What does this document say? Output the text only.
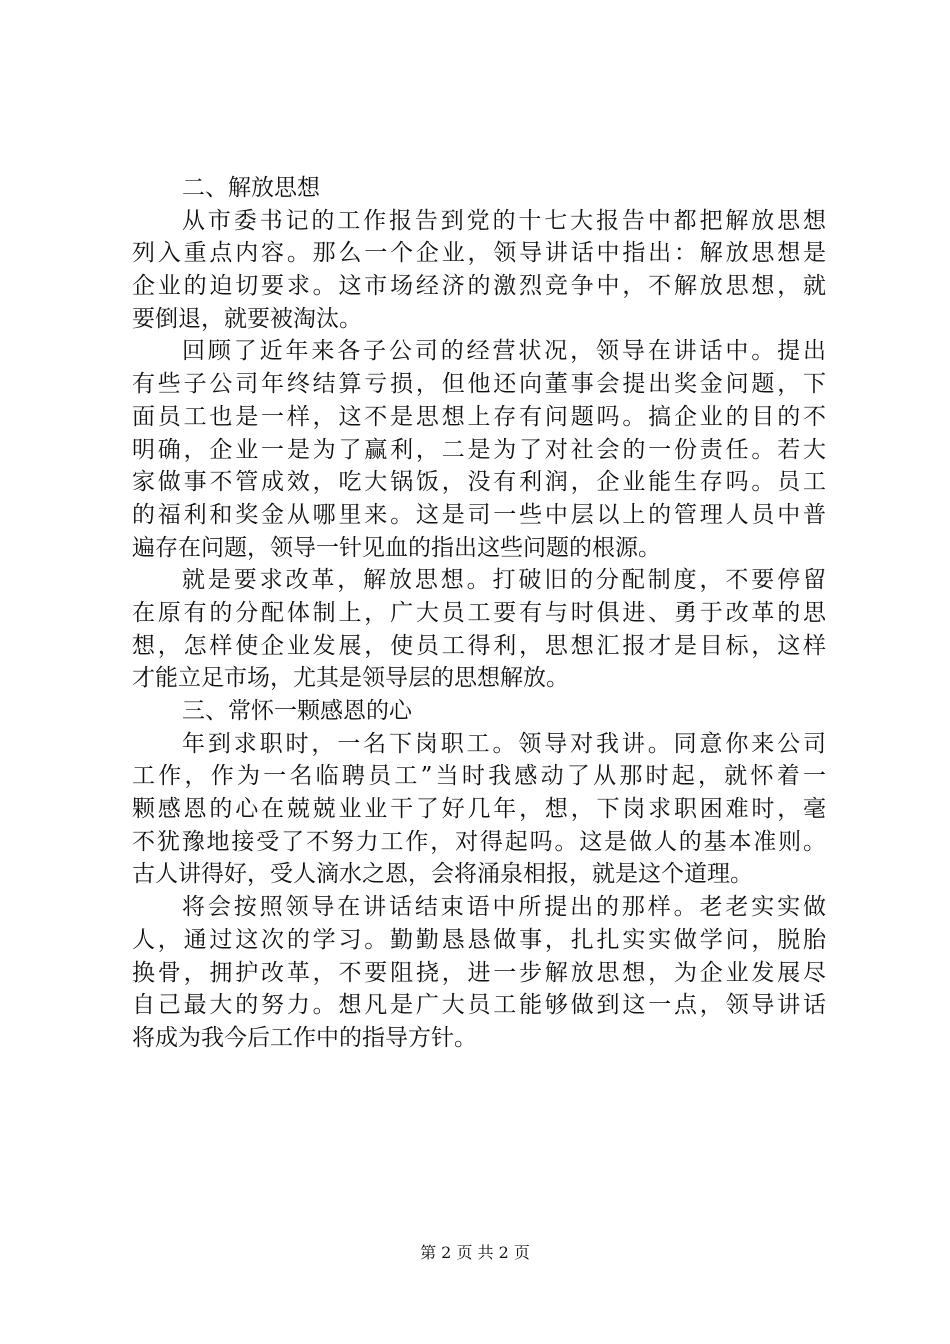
二、解放思想
从市委书记的工作报告到党的十七大报告中都把解放思想
列入重点内容。那么一个企业，领导讲话中指出：解放思想是
企业的迫切要求。这市场经济的激烈竞争中，不解放思想，就
要倒退，就要被淘汰。
回顾了近年来各子公司的经营状况，领导在讲话中。提出
有些子公司年终结算亏损，但他还向董事会提出奖金问题，下
面员工也是一样，这不是思想上存有问题吗。搞企业的目的不
明确，企业一是为了赢利，二是为了对社会的一份责任。若大
家做事不管成效，吃大锅饭，没有利润，企业能生存吗。员工
的福利和奖金从哪里来。这是司一些中层以上的管理人员中普
遍存在问题，领导一针见血的指出这些问题的根源。
就是要求改革，解放思想。打破旧的分配制度，不要停留
在原有的分配体制上，广大员工要有与时俱进、勇于改革的思
想，怎样使企业发展，使员工得利，思想汇报才是目标，这样
才能立足市场，尤其是领导层的思想解放。
三、常怀一颗感恩的心
年到求职时，一名下岗职工。领导对我讲。同意你来公司
工作，作为一名临聘员工”当时我感动了从那时起，就怀着一
颗感恩的心在兢兢业业干了好几年，想，下岗求职困难时，毫
不犹豫地接受了不努力工作，对得起吗。这是做人的基本准则。
古人讲得好，受人滴水之恩，会将涌泉相报，就是这个道理。
将会按照领导在讲话结束语中所提出的那样。老老实实做
人，通过这次的学习。勤勤恳恳做事，扎扎实实做学问，脱胎
换骨，拥护改革，不要阻挠，进一步解放思想，为企业发展尽
自己最大的努力。想凡是广大员工能够做到这一点，领导讲话
将成为我今后工作中的指导方针。
第 2 页 共 2 页
